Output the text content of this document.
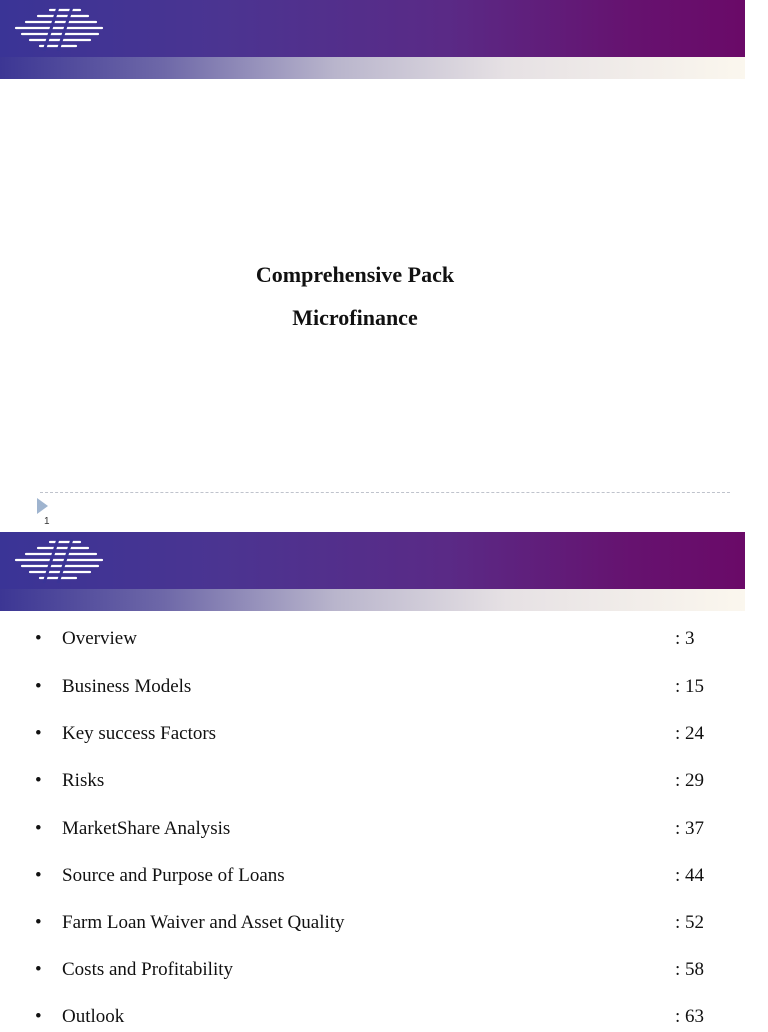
Comprehensive Pack
Microfinance
1
• Overview	: 3
• Business Models	: 15
• Key success Factors	: 24
• Risks	: 29
• MarketShare Analysis	: 37
• Source and Purpose of Loans	: 44
• Farm Loan Waiver and Asset Quality	: 52
• Costs and Profitability	: 58
• Outlook	: 63
